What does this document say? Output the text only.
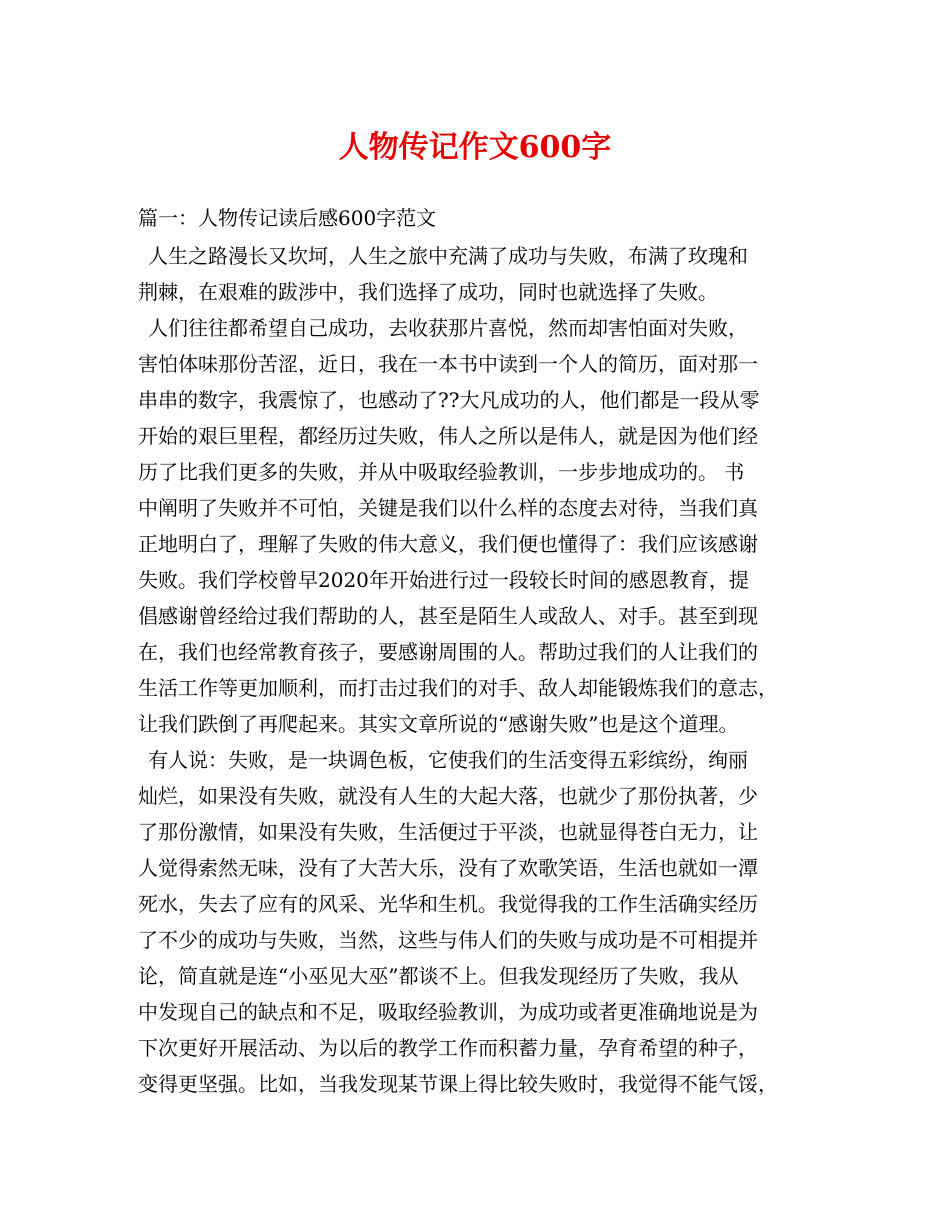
人物传记作文600字

篇一：人物传记读后感600字范文

人生之路漫长又坎坷，人生之旅中充满了成功与失败，布满了玫瑰和
荆棘，在艰难的跋涉中，我们选择了成功，同时也就选择了失败。
人们往往都希望自己成功，去收获那片喜悦，然而却害怕面对失败，
害怕体味那份苦涩，近日，我在一本书中读到一个人的简历，面对那一
串串的数字，我震惊了，也感动了??大凡成功的人，他们都是一段从零
开始的艰巨里程，都经历过失败，伟人之所以是伟人，就是因为他们经
历了比我们更多的失败，并从中吸取经验教训，一步步地成功的。 书
中阐明了失败并不可怕，关键是我们以什么样的态度去对待，当我们真
正地明白了，理解了失败的伟大意义，我们便也懂得了：我们应该感谢
失败。我们学校曾早2020年开始进行过一段较长时间的感恩教育，提
倡感谢曾经给过我们帮助的人，甚至是陌生人或敌人、对手。甚至到现
在，我们也经常教育孩子，要感谢周围的人。帮助过我们的人让我们的
生活工作等更加顺利，而打击过我们的对手、敌人却能锻炼我们的意志，
让我们跌倒了再爬起来。其实文章所说的“感谢失败”也是这个道理。
有人说：失败，是一块调色板，它使我们的生活变得五彩缤纷，绚丽
灿烂，如果没有失败，就没有人生的大起大落，也就少了那份执著，少
了那份激情，如果没有失败，生活便过于平淡，也就显得苍白无力，让
人觉得索然无味，没有了大苦大乐，没有了欢歌笑语，生活也就如一潭
死水，失去了应有的风采、光华和生机。我觉得我的工作生活确实经历
了不少的成功与失败，当然，这些与伟人们的失败与成功是不可相提并
论，简直就是连“小巫见大巫”都谈不上。但我发现经历了失败，我从
中发现自己的缺点和不足，吸取经验教训，为成功或者更准确地说是为
下次更好开展活动、为以后的教学工作而积蓄力量，孕育希望的种子，
变得更坚强。比如，当我发现某节课上得比较失败时，我觉得不能气馁，
